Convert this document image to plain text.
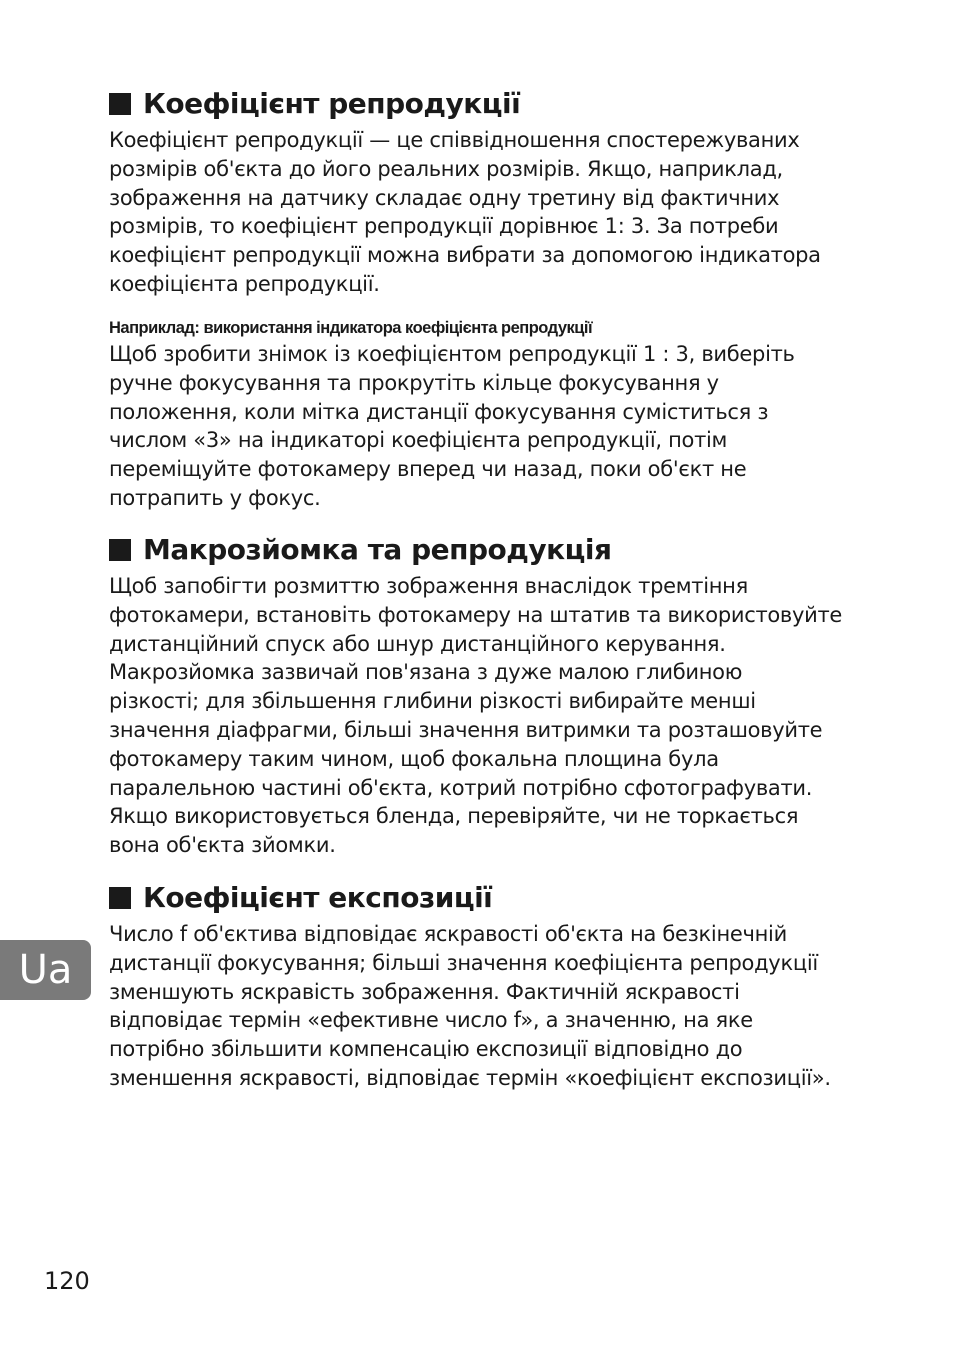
Коефіцієнт репродукції

Коефіцієнт репродукції — це співвідношення спостережуваних
розмірів об'єкта до його реальних розмірів. Якщо, наприклад,
зображення на датчику складає одну третину від фактичних
розмірів, то коефіцієнт репродукції дорівнює 1: 3. За потреби
коефіцієнт репродукції можна вибрати за допомогою індикатора
коефіцієнта репродукції.

Наприклад: використання індикатора коефіцієнта репродукції

Щоб зробити знімок із коефіцієнтом репродукції 1 : 3, виберіть
ручне фокусування та прокрутіть кільце фокусування у
положення, коли мітка дистанції фокусування суміститься з
числом «3» на індикаторі коефіцієнта репродукції, потім
переміщуйте фотокамеру вперед чи назад, поки об'єкт не
потрапить у фокус.

Макрозйомка та репродукція

Щоб запобігти розмиттю зображення внаслідок тремтіння
фотокамери, встановіть фотокамеру на штатив та використовуйте
дистанційний спуск або шнур дистанційного керування.
Макрозйомка зазвичай пов'язана з дуже малою глибиною
різкості; для збільшення глибини різкості вибирайте менші
значення діафрагми, більші значення витримки та розташовуйте
фотокамеру таким чином, щоб фокальна площина була
паралельною частині об'єкта, котрий потрібно сфотографувати.
Якщо використовується бленда, перевіряйте, чи не торкається
вона об'єкта зйомки.

Коефіцієнт експозиції

Число f об'єктива відповідає яскравості об'єкта на безкінечній
дистанції фокусування; більші значення коефіцієнта репродукції
зменшують яскравість зображення. Фактичній яскравості
відповідає термін «ефективне число f», а значенню, на яке
потрібно збільшити компенсацію експозиції відповідно до
зменшення яскравості, відповідає термін «коефіцієнт експозиції».

Ua
120
